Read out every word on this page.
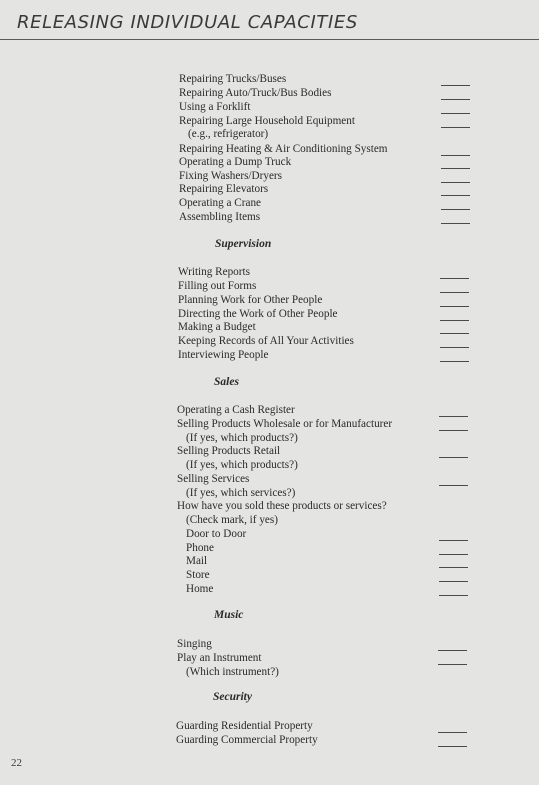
RELEASING INDIVIDUAL CAPACITIES
Repairing Trucks/Buses
Repairing Auto/Truck/Bus Bodies
Using a Forklift
Repairing Large Household Equipment
(e.g., refrigerator)
Repairing Heating & Air Conditioning System
Operating a Dump Truck
Fixing Washers/Dryers
Repairing Elevators
Operating a Crane
Assembling Items
Supervision
Writing Reports
Filling out Forms
Planning Work for Other People
Directing the Work of Other People
Making a Budget
Keeping Records of All Your Activities
Interviewing People
Sales
Operating a Cash Register
Selling Products Wholesale or for Manufacturer
(If yes, which products?)
Selling Products Retail
(If yes, which products?)
Selling Services
(If yes, which services?)
How have you sold these products or services?
(Check mark, if yes)
Door to Door
Phone
Mail
Store
Home
Music
Singing
Play an Instrument
(Which instrument?)
Security
Guarding Residential Property
Guarding Commercial Property
22
